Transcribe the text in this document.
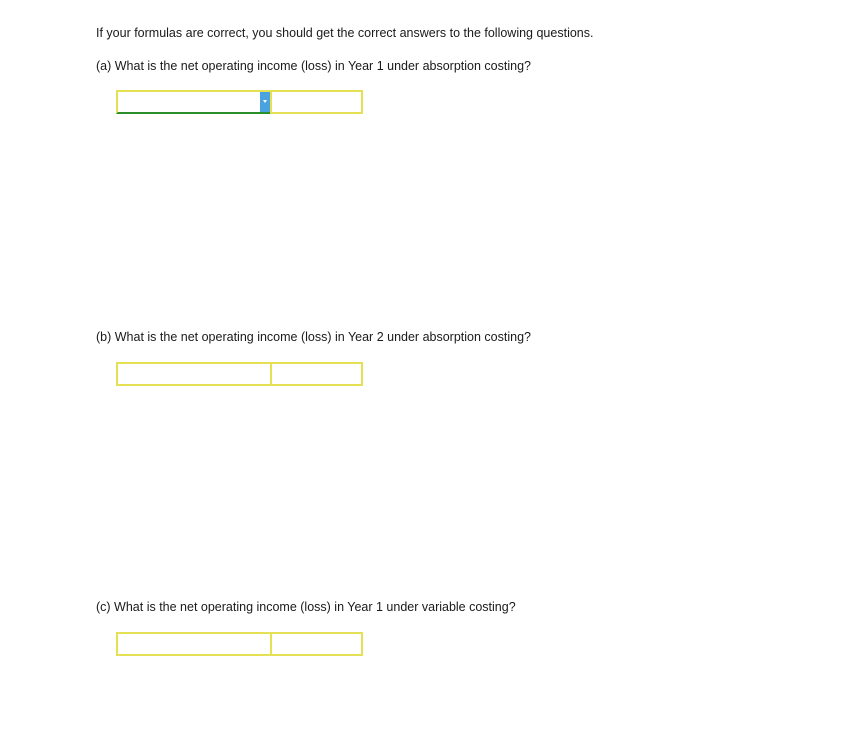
If your formulas are correct, you should get the correct answers to the following questions.
(a) What is the net operating income (loss) in Year 1 under absorption costing?
(b) What is the net operating income (loss) in Year 2 under absorption costing?
(c) What is the net operating income (loss) in Year 1 under variable costing?
